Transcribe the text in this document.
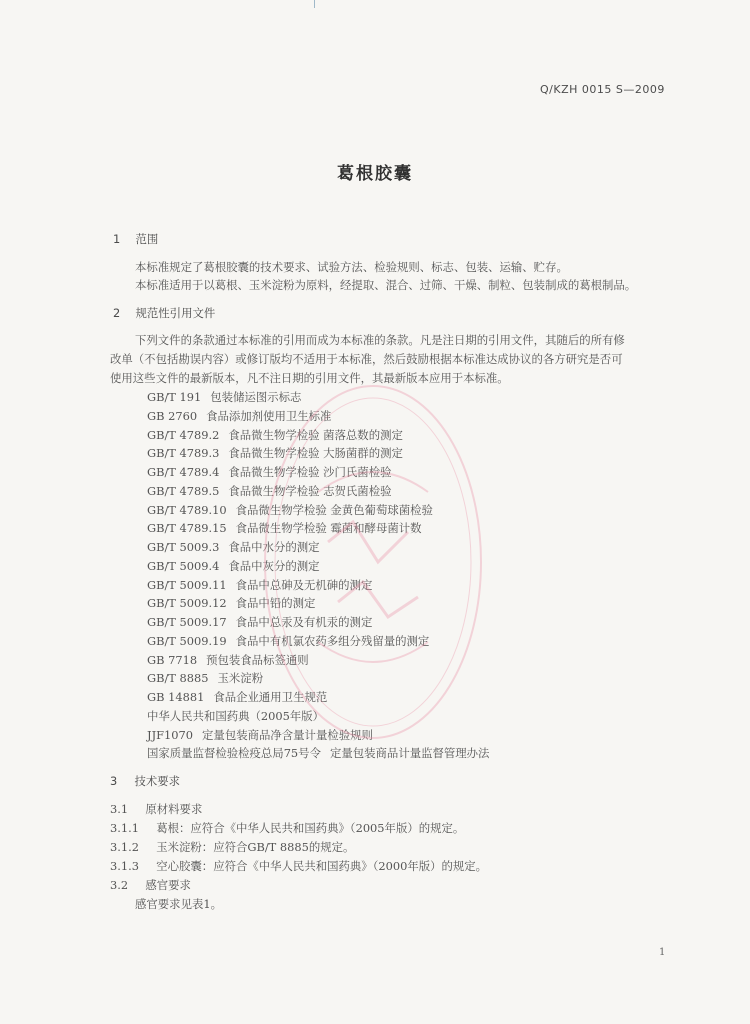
Q/KZH 0015 S—2009
葛根胶囊
1 范围
本标准规定了葛根胶囊的技术要求、试验方法、检验规则、标志、包装、运输、贮存。
本标准适用于以葛根、玉米淀粉为原料，经提取、混合、过筛、干燥、制粒、包装制成的葛根制品。
2 规范性引用文件
下列文件的条款通过本标准的引用而成为本标准的条款。凡是注日期的引用文件，其随后的所有修
改单（不包括勘误内容）或修订版均不适用于本标准，然后鼓励根据本标准达成协议的各方研究是否可
使用这些文件的最新版本，凡不注日期的引用文件，其最新版本应用于本标准。
GB/T 191 包装储运图示标志
GB 2760 食品添加剂使用卫生标准
GB/T 4789.2 食品微生物学检验 菌落总数的测定
GB/T 4789.3 食品微生物学检验 大肠菌群的测定
GB/T 4789.4 食品微生物学检验 沙门氏菌检验
GB/T 4789.5 食品微生物学检验 志贺氏菌检验
GB/T 4789.10 食品微生物学检验 金黄色葡萄球菌检验
GB/T 4789.15 食品微生物学检验 霉菌和酵母菌计数
GB/T 5009.3 食品中水分的测定
GB/T 5009.4 食品中灰分的测定
GB/T 5009.11 食品中总砷及无机砷的测定
GB/T 5009.12 食品中铅的测定
GB/T 5009.17 食品中总汞及有机汞的测定
GB/T 5009.19 食品中有机氯农药多组分残留量的测定
GB 7718 预包装食品标签通则
GB/T 8885 玉米淀粉
GB 14881 食品企业通用卫生规范
中华人民共和国药典（2005年版）
JJF1070 定量包装商品净含量计量检验规则
国家质量监督检验检疫总局75号令 定量包装商品计量监督管理办法
3 技术要求
3.1 原材料要求
3.1.1 葛根：应符合《中华人民共和国药典》（2005年版）的规定。
3.1.2 玉米淀粉：应符合GB/T 8885的规定。
3.1.3 空心胶囊：应符合《中华人民共和国药典》（2000年版）的规定。
3.2 感官要求
感官要求见表1。
1
